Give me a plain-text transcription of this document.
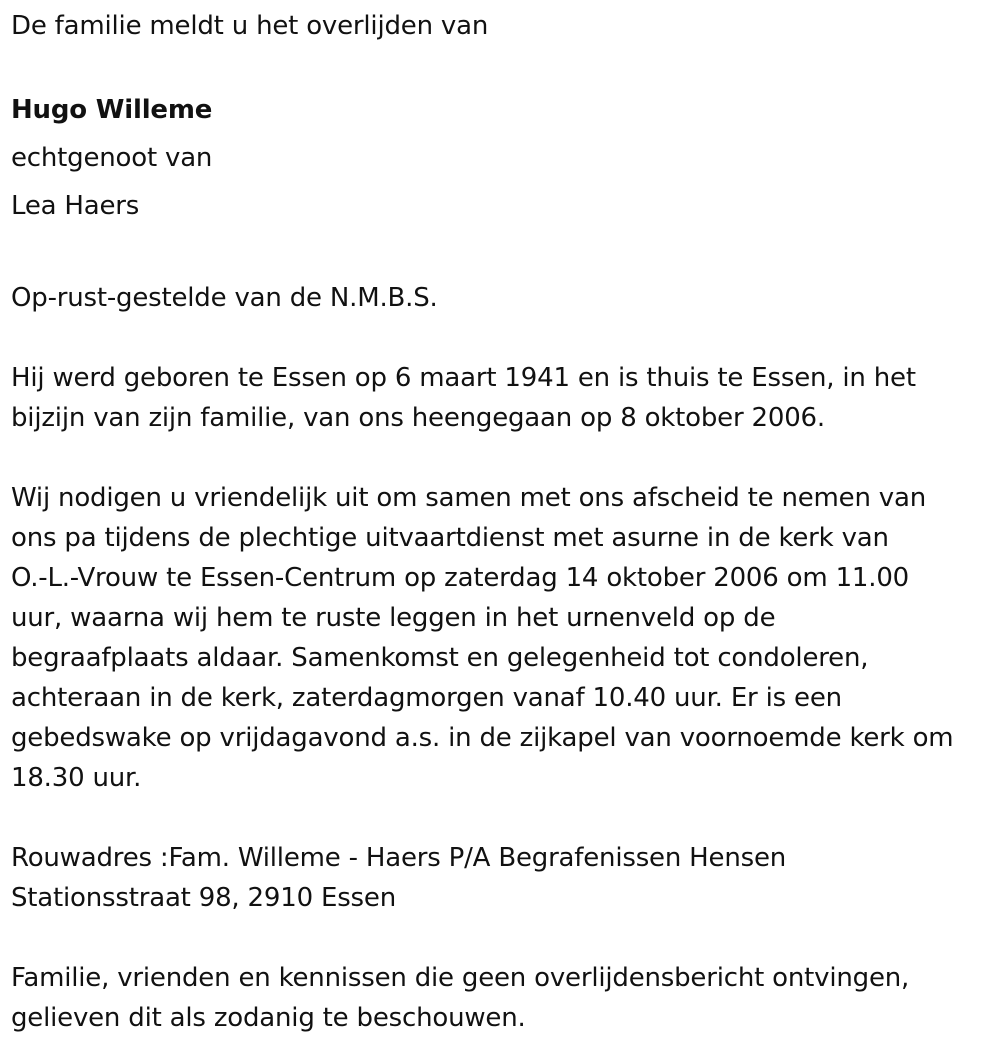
De familie meldt u het overlijden van

Hugo Willeme

echtgenoot van

Lea Haers

Op-rust-gestelde van de N.M.B.S.

Hij werd geboren te Essen op 6 maart 1941 en is thuis te Essen, in het

bijzijn van zijn familie, van ons heengegaan op 8 oktober 2006.

Wij nodigen u vriendelijk uit om samen met ons afscheid te nemen van

ons pa tijdens de plechtige uitvaartdienst met asurne in de kerk van

O.-L.-Vrouw te Essen-Centrum op zaterdag 14 oktober 2006 om 11.00

uur, waarna wij hem te ruste leggen in het urnenveld op de

begraafplaats aldaar. Samenkomst en gelegenheid tot condoleren,

achteraan in de kerk, zaterdagmorgen vanaf 10.40 uur. Er is een

gebedswake op vrijdagavond a.s. in de zijkapel van voornoemde kerk om

18.30 uur.

Rouwadres :Fam. Willeme - Haers P/A Begrafenissen Hensen

Stationsstraat 98, 2910 Essen

Familie, vrienden en kennissen die geen overlijdensbericht ontvingen,

gelieven dit als zodanig te beschouwen.
